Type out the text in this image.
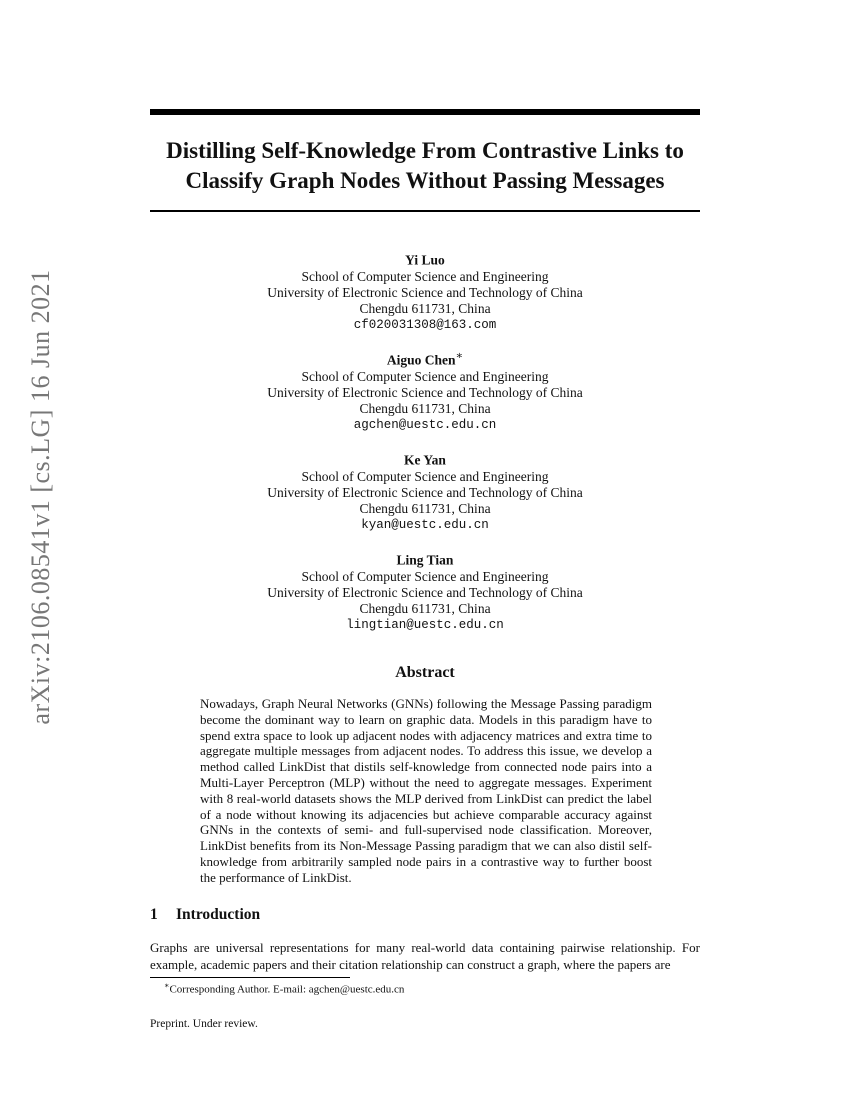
arXiv:2106.08541v1 [cs.LG] 16 Jun 2021
Distilling Self-Knowledge From Contrastive Links to
Classify Graph Nodes Without Passing Messages
Yi Luo
School of Computer Science and Engineering
University of Electronic Science and Technology of China
Chengdu 611731, China
cf020031308@163.com
Aiguo Chen∗
School of Computer Science and Engineering
University of Electronic Science and Technology of China
Chengdu 611731, China
agchen@uestc.edu.cn
Ke Yan
School of Computer Science and Engineering
University of Electronic Science and Technology of China
Chengdu 611731, China
kyan@uestc.edu.cn
Ling Tian
School of Computer Science and Engineering
University of Electronic Science and Technology of China
Chengdu 611731, China
lingtian@uestc.edu.cn
Abstract
Nowadays, Graph Neural Networks (GNNs) following the Message Passing paradigm become the dominant way to learn on graphic data. Models in this paradigm have to spend extra space to look up adjacent nodes with adjacency matrices and extra time to aggregate multiple messages from adjacent nodes. To address this issue, we develop a method called LinkDist that distils self-knowledge from connected node pairs into a Multi-Layer Perceptron (MLP) without the need to aggregate messages. Experiment with 8 real-world datasets shows the MLP derived from LinkDist can predict the label of a node without knowing its adjacencies but achieve comparable accuracy against GNNs in the contexts of semi- and full-supervised node classification. Moreover, LinkDist benefits from its Non-Message Passing paradigm that we can also distil self-knowledge from arbitrarily sampled node pairs in a contrastive way to further boost the performance of LinkDist.
1 Introduction
Graphs are universal representations for many real-world data containing pairwise relationship. For example, academic papers and their citation relationship can construct a graph, where the papers are
∗Corresponding Author. E-mail: agchen@uestc.edu.cn
Preprint. Under review.
